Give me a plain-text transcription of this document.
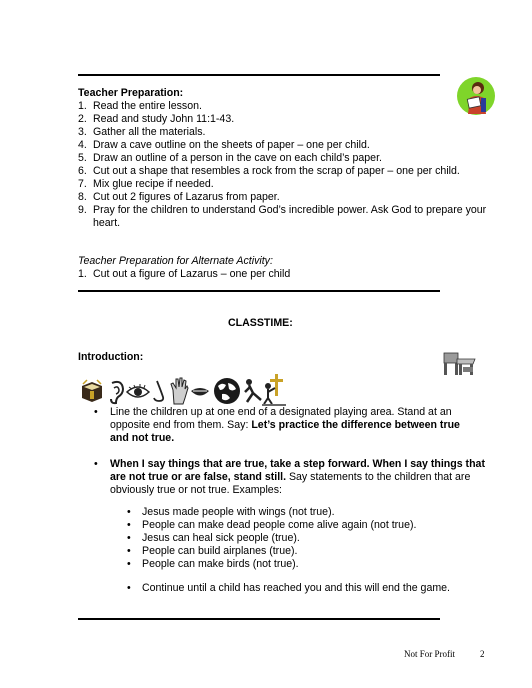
Teacher Preparation:
1. Read the entire lesson.
2. Read and study John 11:1-43.
3. Gather all the materials.
4. Draw a cave outline on the sheets of paper – one per child.
5. Draw an outline of a person in the cave on each child’s paper.
6. Cut out a shape that resembles a rock from the scrap of paper – one per child.
7. Mix glue recipe if needed.
8. Cut out 2 figures of Lazarus from paper.
9. Pray for the children to understand God’s incredible power. Ask God to prepare your
heart.
Teacher Preparation for Alternate Activity:
1. Cut out a figure of Lazarus – one per child
CLASSTIME:
Introduction:
• Line the children up at one end of a designated playing area. Stand at an
opposite end from them. Say: Let’s practice the difference between true
and not true.
• When I say things that are true, take a step forward. When I say things that
are not true or are false, stand still. Say statements to the children that are
obviously true or not true. Examples:
• Jesus made people with wings (not true).
• People can make dead people come alive again (not true).
• Jesus can heal sick people (true).
• People can build airplanes (true).
• People can make birds (not true).
• Continue until a child has reached you and this will end the game.
Not For Profit	2
